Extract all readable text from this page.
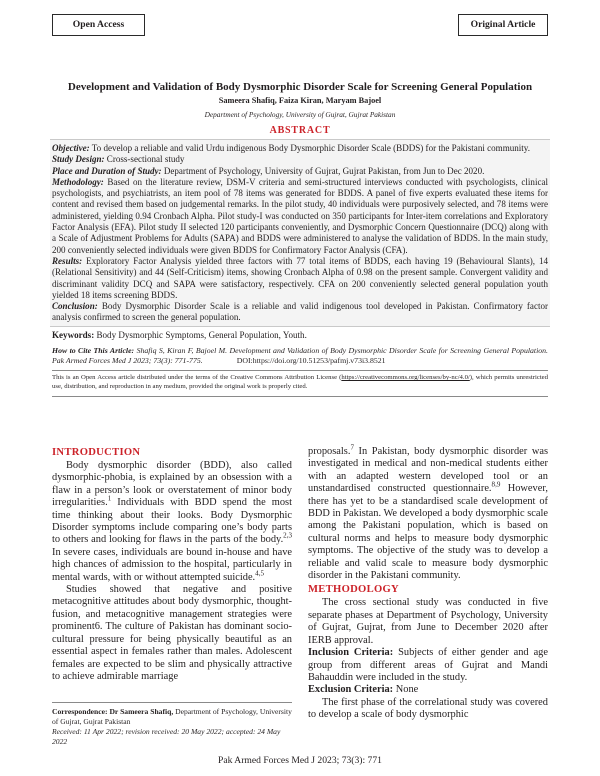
Open Access	Original Article
Development and Validation of Body Dysmorphic Disorder Scale for Screening General Population
Sameera Shafiq, Faiza Kiran, Maryam Bajoel
Department of Psychology, University of Gujrat, Gujrat Pakistan
ABSTRACT

Objective: To develop a reliable and valid Urdu indigenous Body Dysmorphic Disorder Scale (BDDS) for the Pakistani community.

Study Design: Cross-sectional study

Place and Duration of Study: Department of Psychology, University of Gujrat, Gujrat Pakistan, from Jun to Dec 2020.

Methodology: Based on the literature review, DSM-V criteria and semi-structured interviews conducted with psychologists, clinical psychologists, and psychiatrists, an item pool of 78 items was generated for BDDS. A panel of five experts evaluated these items for content and revised them based on judgemental remarks. In the pilot study, 40 individuals were purposively selected, and 78 items were administered, yielding 0.94 Cronbach Alpha. Pilot study-I was conducted on 350 participants for Inter-item correlations and Exploratory Factor Analysis (EFA). Pilot study II selected 120 participants conveniently, and Dysmorphic Concern Questionnaire (DCQ) along with a Scale of Adjustment Problems for Adults (SAPA) and BDDS were administered to analyse the validation of BDDS. In the main study, 200 conveniently selected individuals were given BDDS for Confirmatory Factor Analysis (CFA).

Results: Exploratory Factor Analysis yielded three factors with 77 total items of BDDS, each having 19 (Behavioural Slants), 14 (Relational Sensitivity) and 44 (Self-Criticism) items, showing Cronbach Alpha of 0.98 on the present sample. Convergent validity and discriminant validity DCQ and SAPA were satisfactory, respectively. CFA on 200 conveniently selected general population youth yielded 18 items screening BDDS.

Conclusion: Body Dysmorphic Disorder Scale is a reliable and valid indigenous tool developed in Pakistan. Confirmatory factor analysis confirmed to screen the general population.

Keywords: Body Dysmorphic Symptoms, General Population, Youth.

How to Cite This Article: Shafiq S, Kiran F, Bajoel M. Development and Validation of Body Dysmorphic Disorder Scale for Screening General Population. Pak Armed Forces Med J 2023; 73(3): 771-775.	DOI:https://doi.org/10.51253/pafmj.v73i3.8521

This is an Open Access article distributed under the terms of the Creative Commons Attribution License (https://creativecommons.org/licenses/by-nc/4.0/), which permits unrestricted use, distribution, and reproduction in any medium, provided the original work is properly cited.

INTRODUCTION

Body dysmorphic disorder (BDD), also called dysmorphic-phobia, is explained by an obsession with a flaw in a person’s look or overstatement of minor body irregularities.$^1$ Individuals with BDD spend the most time thinking about their looks. Body Dysmorphic Disorder symptoms include comparing one’s body parts to others and looking for flaws in the parts of the body.$^{2,3}$ In severe cases, individuals are bound in-house and have high chances of admission to the hospital, particularly in mental wards, with or without attempted suicide.$^{4,5}$

Studies showed that negative and positive metacognitive attitudes about body dysmorphic, thought-fusion, and metacognitive management strategies were prominent6. The culture of Pakistan has dominant socio-cultural pressure for being physically beautiful as an essential aspect in females rather than males. Adolescent females are expected to be slim and physically attractive to achieve admirable marriage

proposals.$^7$ In Pakistan, body dysmorphic disorder was investigated in medical and non-medical students either with an adapted western developed tool or an unstandardised constructed questionnaire.$^{8,9}$ However, there has yet to be a standardised scale development of BDD in Pakistan. We developed a body dysmorphic scale among the Pakistani population, which is based on cultural norms and helps to measure body dysmorphic symptoms. The objective of the study was to develop a reliable and valid scale to measure body dysmorphic disorder in the Pakistani community.

METHODOLOGY

The cross sectional study was conducted in five separate phases at Department of Psychology, University of Gujrat, Gujrat, from June to December 2020 after IERB approval.

Inclusion Criteria: Subjects of either gender and age group from different areas of Gujrat and Mandi Bahauddin were included in the study.

Exclusion Criteria: None

The first phase of the correlational study was covered to develop a scale of body dysmorphic

Correspondence: Dr Sameera Shafiq, Department of Psychology, University of Gujrat, Gujrat Pakistan

Received: 11 Apr 2022; revision received: 20 May 2022; accepted: 24 May 2022

Pak Armed Forces Med J 2023; 73(3): 771
